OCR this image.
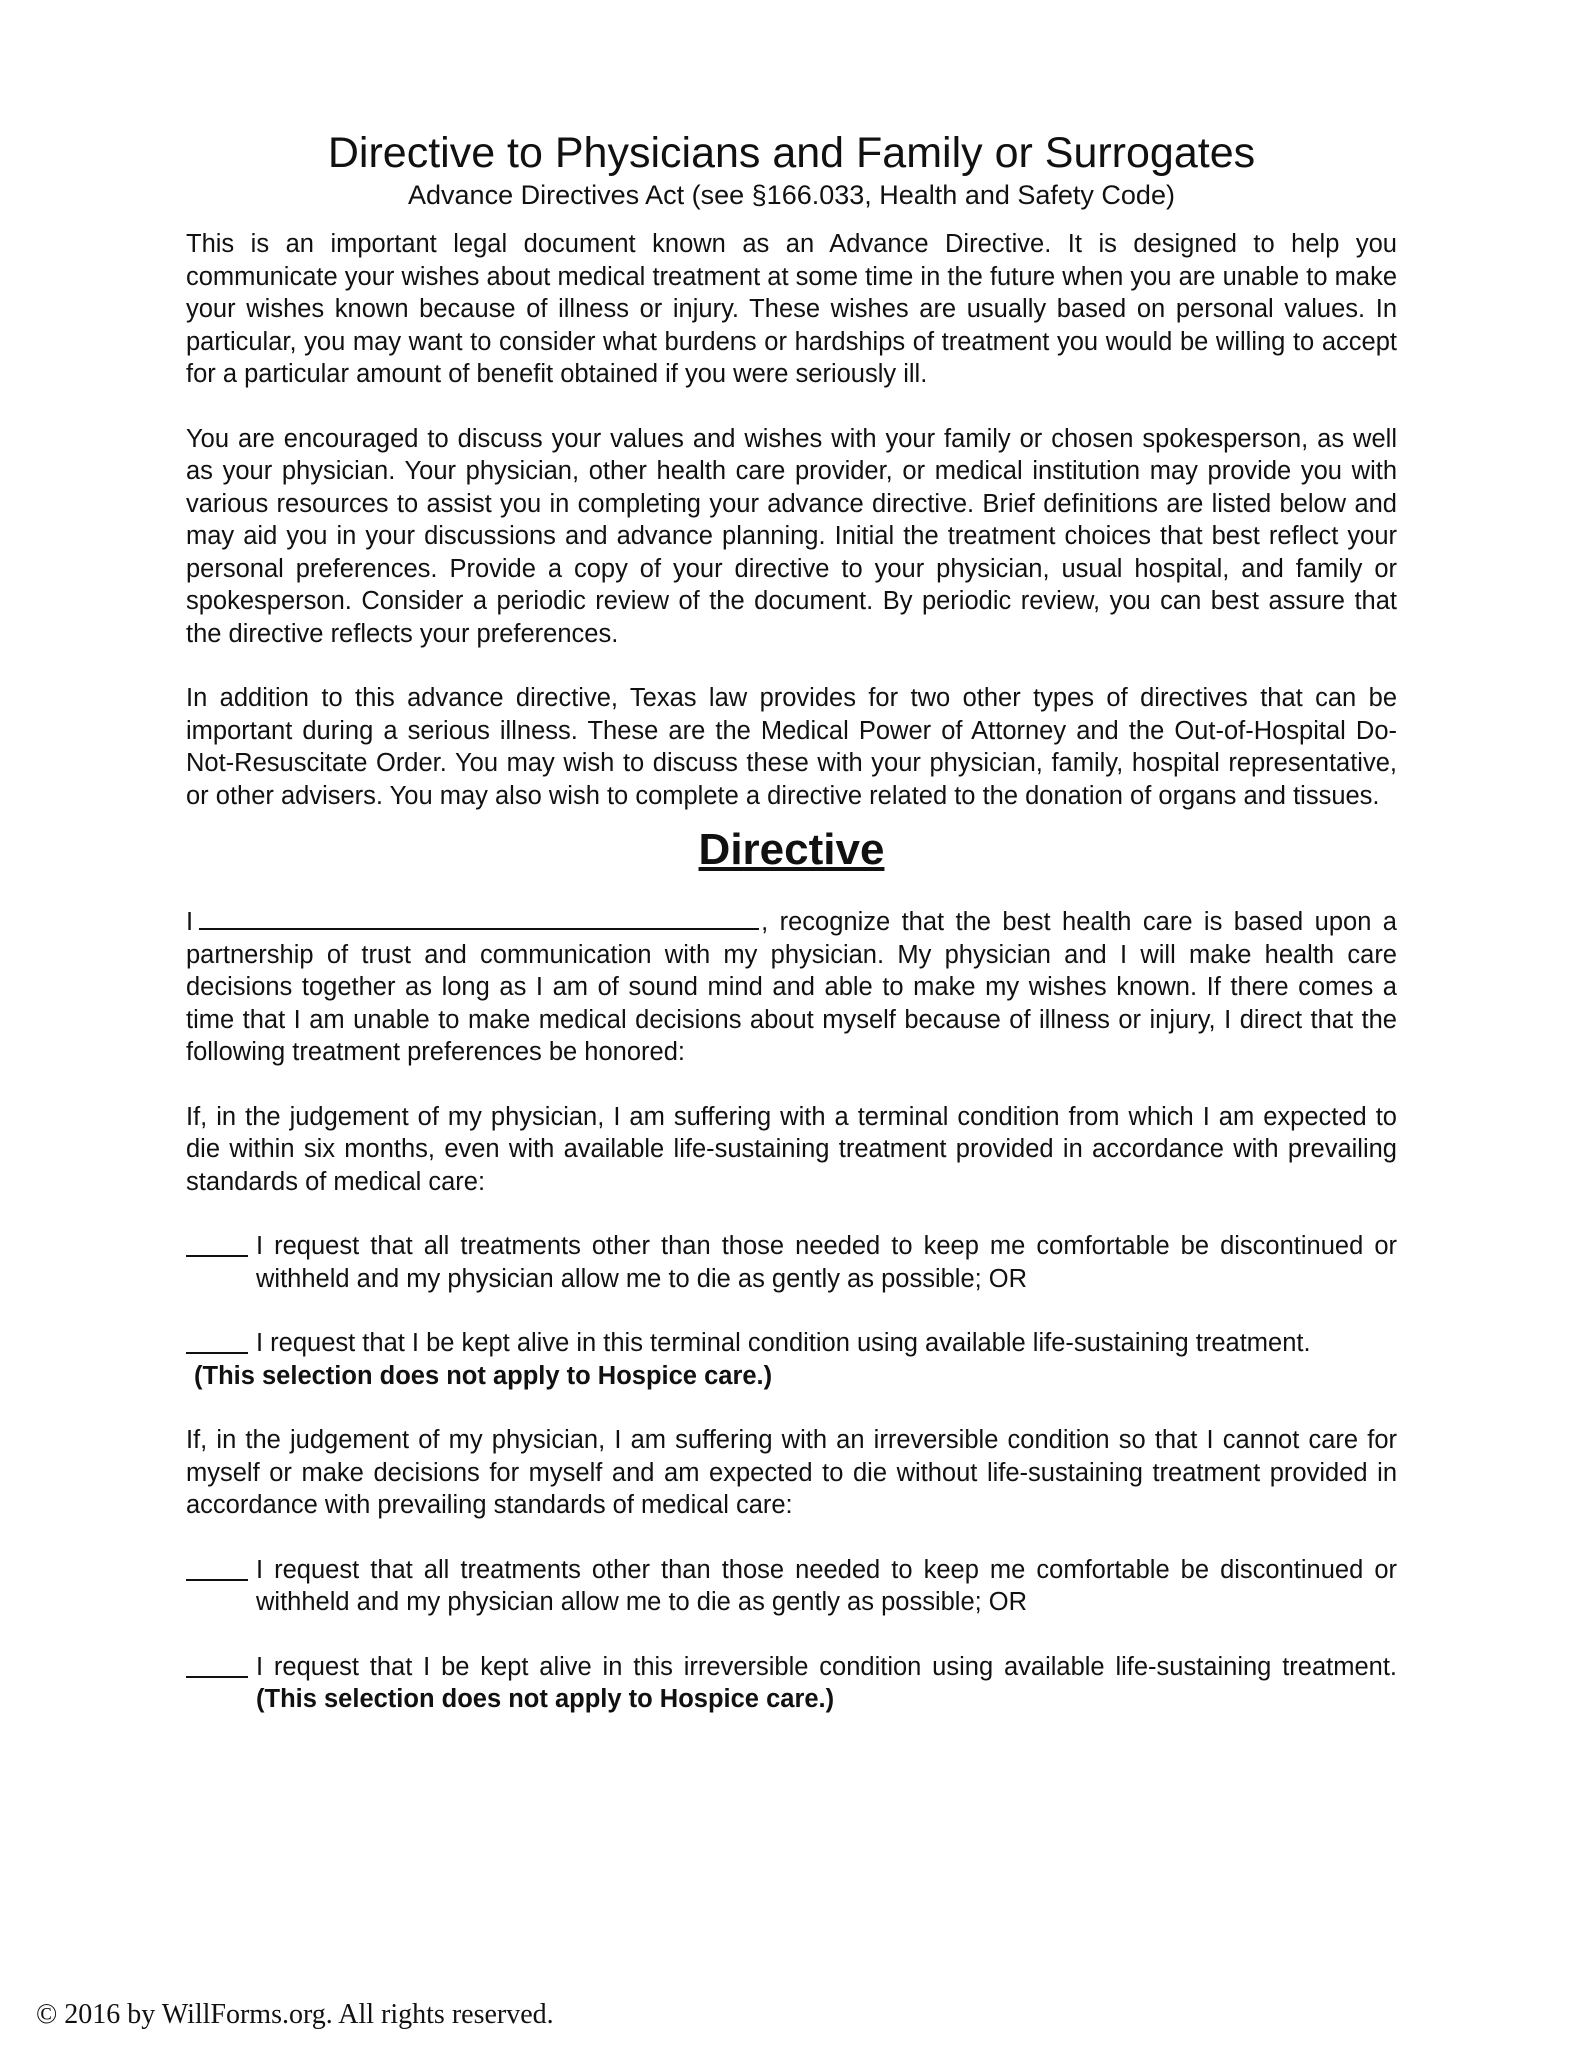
Directive to Physicians and Family or Surrogates
Advance Directives Act (see §166.033, Health and Safety Code)

This is an important legal document known as an Advance Directive. It is designed to help you communicate your wishes about medical treatment at some time in the future when you are unable to make your wishes known because of illness or injury. These wishes are usually based on personal values. In particular, you may want to consider what burdens or hardships of treatment you would be willing to accept for a particular amount of benefit obtained if you were seriously ill.

You are encouraged to discuss your values and wishes with your family or chosen spokesperson, as well as your physician. Your physician, other health care provider, or medical institution may provide you with various resources to assist you in completing your advance directive. Brief definitions are listed below and may aid you in your discussions and advance planning. Initial the treatment choices that best reflect your personal preferences. Provide a copy of your directive to your physician, usual hospital, and family or spokesperson. Consider a periodic review of the document. By periodic review, you can best assure that the directive reflects your preferences.

In addition to this advance directive, Texas law provides for two other types of directives that can be important during a serious illness. These are the Medical Power of Attorney and the Out-of-Hospital Do-Not-Resuscitate Order. You may wish to discuss these with your physician, family, hospital representative, or other advisers. You may also wish to complete a directive related to the donation of organs and tissues.

Directive

I	, recognize that the best health care is based upon a partnership of trust and communication with my physician. My physician and I will make health care decisions together as long as I am of sound mind and able to make my wishes known. If there comes a time that I am unable to make medical decisions about myself because of illness or injury, I direct that the following treatment preferences be honored:

If, in the judgement of my physician, I am suffering with a terminal condition from which I am expected to die within six months, even with available life-sustaining treatment provided in accordance with prevailing standards of medical care:

I request that all treatments other than those needed to keep me comfortable be discontinued or withheld and my physician allow me to die as gently as possible; OR
I request that I be kept alive in this terminal condition using available life-sustaining treatment.
(This selection does not apply to Hospice care.)

If, in the judgement of my physician, I am suffering with an irreversible condition so that I cannot care for myself or make decisions for myself and am expected to die without life-sustaining treatment provided in accordance with prevailing standards of medical care:

I request that all treatments other than those needed to keep me comfortable be discontinued or withheld and my physician allow me to die as gently as possible; OR
I request that I be kept alive in this irreversible condition using available life-sustaining treatment. (This selection does not apply to Hospice care.)
© 2016 by WillForms.org. All rights reserved.
